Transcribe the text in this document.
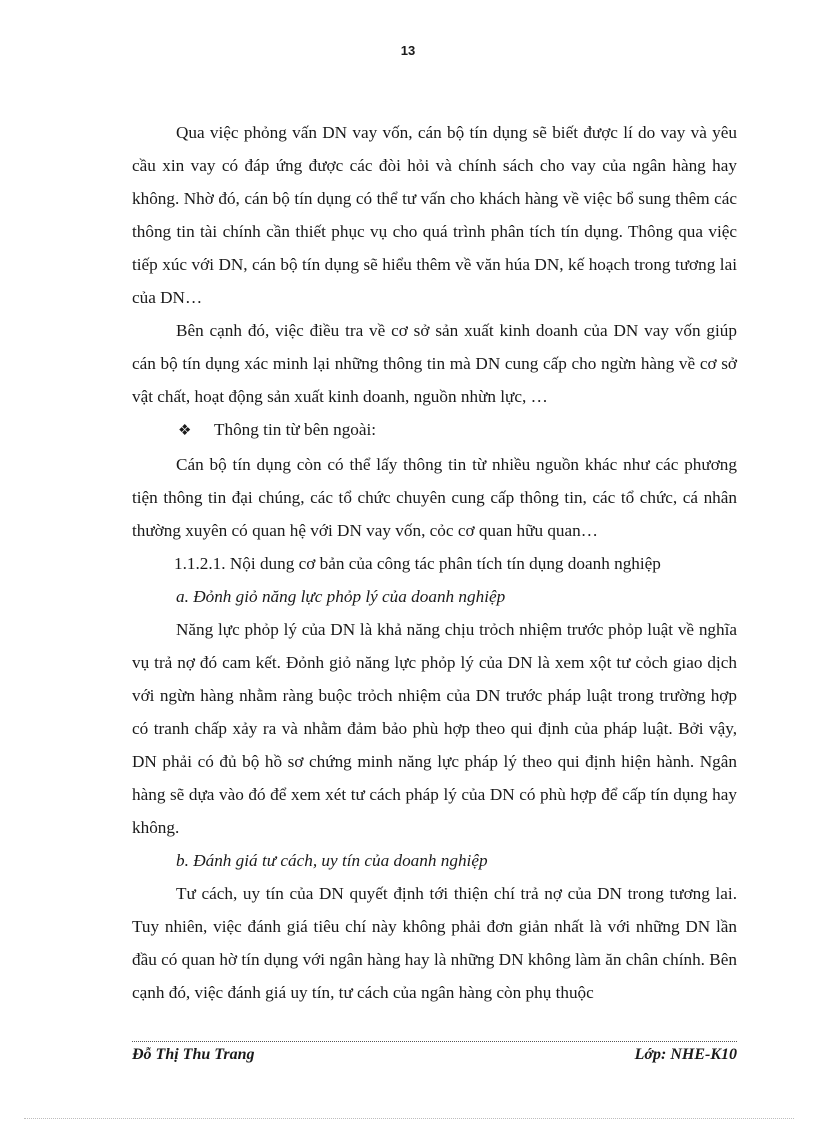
13

Qua việc phỏng vấn DN vay vốn, cán bộ tín dụng sẽ biết được lí do vay và yêu cầu xin vay có đáp ứng được các đòi hỏi và chính sách cho vay của ngân hàng hay không. Nhờ đó, cán bộ tín dụng có thể tư vấn cho khách hàng về việc bổ sung thêm các thông tin tài chính cần thiết phục vụ cho quá trình phân tích tín dụng. Thông qua việc tiếp xúc với DN, cán bộ tín dụng sẽ hiểu thêm về văn húa DN, kế hoạch trong tương lai của DN…

Bên cạnh đó, việc điều tra về cơ sở sản xuất kinh doanh của DN vay vốn giúp cán bộ tín dụng xác minh lại những thông tin mà DN cung cấp cho ngừn hàng về cơ sở vật chất, hoạt động sản xuất kinh doanh, nguồn nhừn lực, …

❖ Thông tin từ bên ngoài:

Cán bộ tín dụng còn có thể lấy thông tin từ nhiều nguồn khác như các phương tiện thông tin đại chúng, các tổ chức chuyên cung cấp thông tin, các tổ chức, cá nhân thường xuyên có quan hệ với DN vay vốn, cỏc cơ quan hữu quan…

1.1.2.1. Nội dung cơ bản của công tác phân tích tín dụng doanh nghiệp

a. Đỏnh giỏ năng lực phỏp lý của doanh nghiệp

Năng lực phỏp lý của DN là khả năng chịu trỏch nhiệm trước phỏp luật về nghĩa vụ trả nợ đó cam kết. Đỏnh giỏ năng lực phỏp lý của DN là xem xột tư cỏch giao dịch với ngừn hàng nhằm ràng buộc trỏch nhiệm của DN trước pháp luật trong trường hợp có tranh chấp xảy ra và nhằm đảm bảo phù hợp theo qui định của pháp luật. Bởi vậy, DN phải có đủ bộ hồ sơ chứng minh năng lực pháp lý theo qui định hiện hành. Ngân hàng sẽ dựa vào đó để xem xét tư cách pháp lý của DN có phù hợp để cấp tín dụng hay không.

b. Đánh giá tư cách, uy tín của doanh nghiệp

Tư cách, uy tín của DN quyết định tới thiện chí trả nợ của DN trong tương lai. Tuy nhiên, việc đánh giá tiêu chí này không phải đơn giản nhất là với những DN lần đầu có quan hờ tín dụng với ngân hàng hay là những DN không làm ăn chân chính. Bên cạnh đó, việc đánh giá uy tín, tư cách của ngân hàng còn phụ thuộc

Đỗ Thị Thu Trang	Lớp: NHE-K10
